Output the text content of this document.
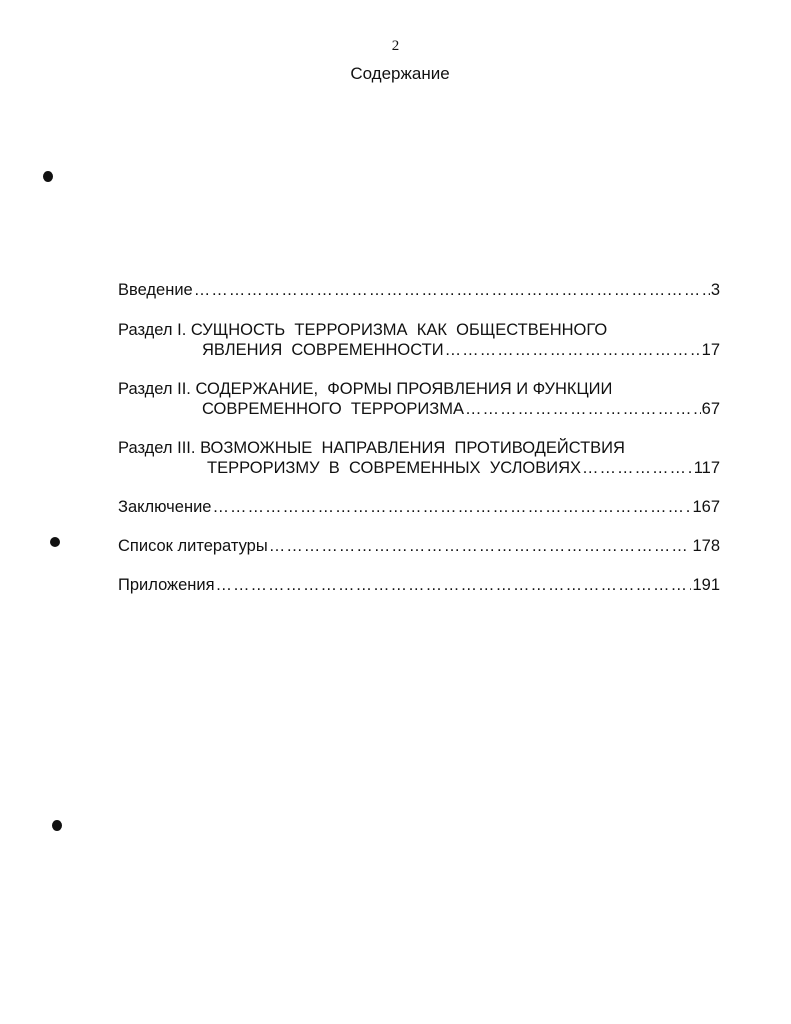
2
Содержание
Введение …………………………………………………………………………………………………………………………………………	3
Раздел I.
СУЩНОСТЬ  ТЕРРОРИЗМА  КАК  ОБЩЕСТВЕННОГО
ЯВЛЕНИЯ  СОВРЕМЕННОСТИ …………………………………………………………………………………………………………………………………………	17
Раздел II.
СОДЕРЖАНИЕ,  ФОРМЫ ПРОЯВЛЕНИЯ И ФУНКЦИИ
СОВРЕМЕННОГО  ТЕРРОРИЗМА …………………………………………………………………………………………………………………………………………	67
Раздел III.
ВОЗМОЖНЫЕ  НАПРАВЛЕНИЯ  ПРОТИВОДЕЙСТВИЯ
ТЕРРОРИЗМУ  В  СОВРЕМЕННЫХ  УСЛОВИЯХ …………………………………………………………………………………………………………………………………………	117
Заключение …………………………………………………………………………………………………………………………………………	167
Список литературы …………………………………………………………………………………………………………………………………………	178
Приложения …………………………………………………………………………………………………………………………………………	191
